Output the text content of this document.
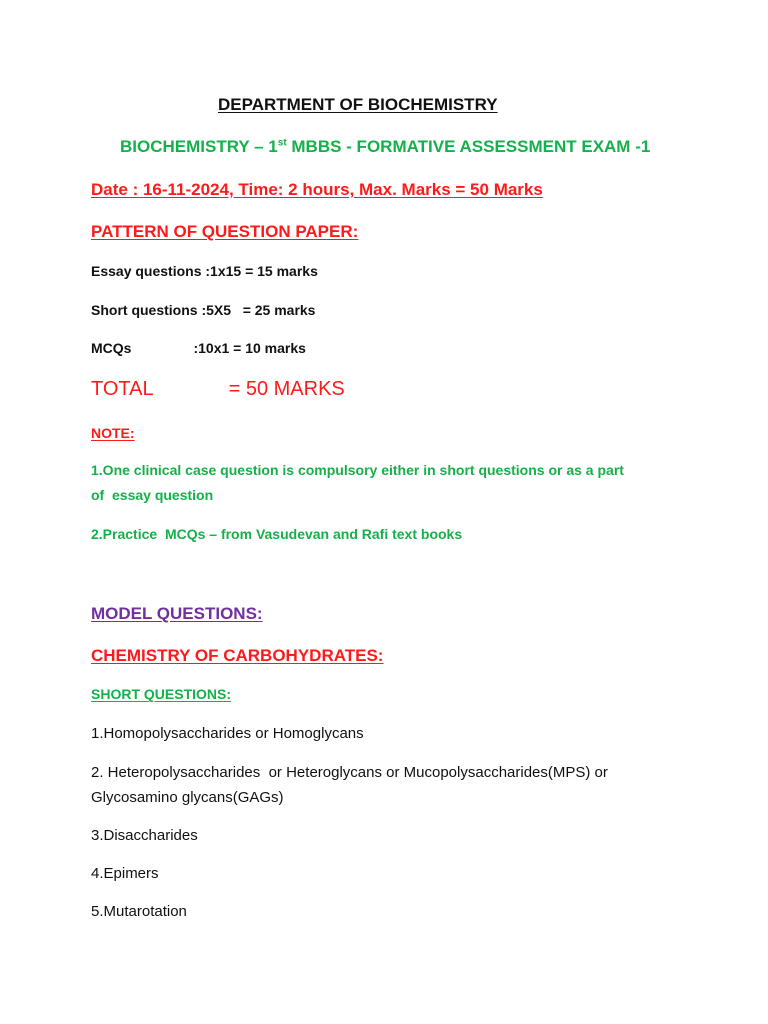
DEPARTMENT OF BIOCHEMISTRY
BIOCHEMISTRY – 1st MBBS - FORMATIVE ASSESSMENT EXAM -1
Date : 16-11-2024, Time: 2 hours, Max. Marks = 50 Marks
PATTERN OF QUESTION PAPER:
Essay questions :1x15 = 15 marks
Short questions :5X5   = 25 marks
MCQs	:10x1 = 10 marks
TOTAL	= 50 MARKS
NOTE:
1.One clinical case question is compulsory either in short questions or as a part
of  essay question
2.Practice  MCQs – from Vasudevan and Rafi text books
MODEL QUESTIONS:
CHEMISTRY OF CARBOHYDRATES:
SHORT QUESTIONS:
1.Homopolysaccharides or Homoglycans
2. Heteropolysaccharides  or Heteroglycans or Mucopolysaccharides(MPS) or
Glycosamino glycans(GAGs)
3.Disaccharides
4.Epimers
5.Mutarotation
